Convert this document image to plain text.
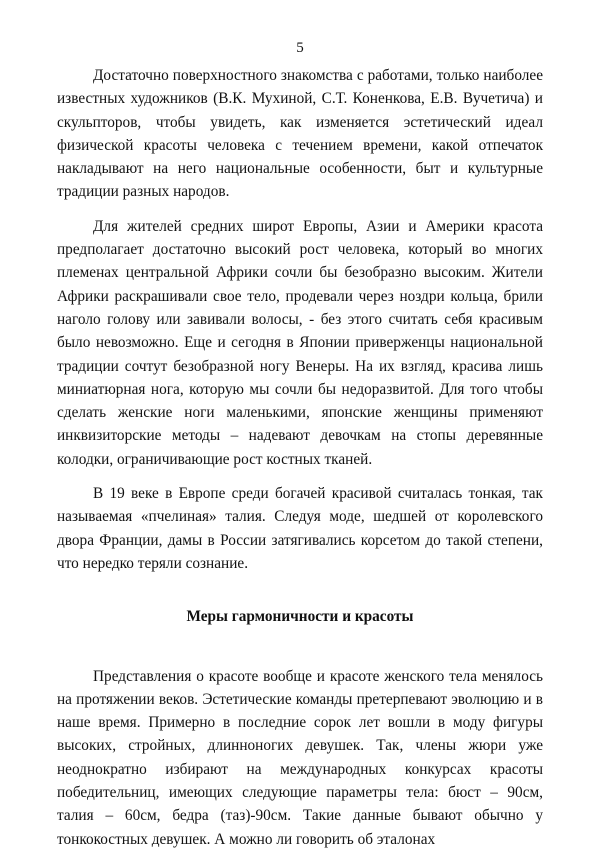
5

Достаточно поверхностного знакомства с работами, только наиболее известных художников (В.К. Мухиной, С.Т. Коненкова, Е.В. Вучетича) и скульпторов, чтобы увидеть, как изменяется эстетический идеал физической красоты человека с течением времени, какой отпечаток накладывают на него национальные особенности, быт и культурные традиции разных народов.

Для жителей средних широт Европы, Азии и Америки красота предполагает достаточно высокий рост человека, который во многих племенах центральной Африки сочли бы безобразно высоким. Жители Африки раскрашивали свое тело, продевали через ноздри кольца, брили наголо голову или завивали волосы, - без этого считать себя красивым было невозможно. Еще и сегодня в Японии приверженцы национальной традиции сочтут безобразной ногу Венеры. На их взгляд, красива лишь миниатюрная нога, которую мы сочли бы недоразвитой. Для того чтобы сделать женские ноги маленькими, японские женщины применяют инквизиторские методы – надевают девочкам на стопы деревянные колодки, ограничивающие рост костных тканей.

В 19 веке в Европе среди богачей красивой считалась тонкая, так называемая «пчелиная» талия. Следуя моде, шедшей от королевского двора Франции, дамы в России затягивались корсетом до такой степени, что нередко теряли сознание.

Меры гармоничности и красоты

Представления о красоте вообще и красоте женского тела менялось на протяжении веков. Эстетические команды претерпевают эволюцию и в наше время. Примерно в последние сорок лет вошли в моду фигуры высоких, стройных, длинноногих девушек. Так, члены жюри уже неоднократно избирают на международных конкурсах красоты победительниц, имеющих следующие параметры тела: бюст – 90см, талия – 60см, бедра (таз)-90см. Такие данные бывают обычно у тонкокостных девушек. А можно ли говорить об эталонах
